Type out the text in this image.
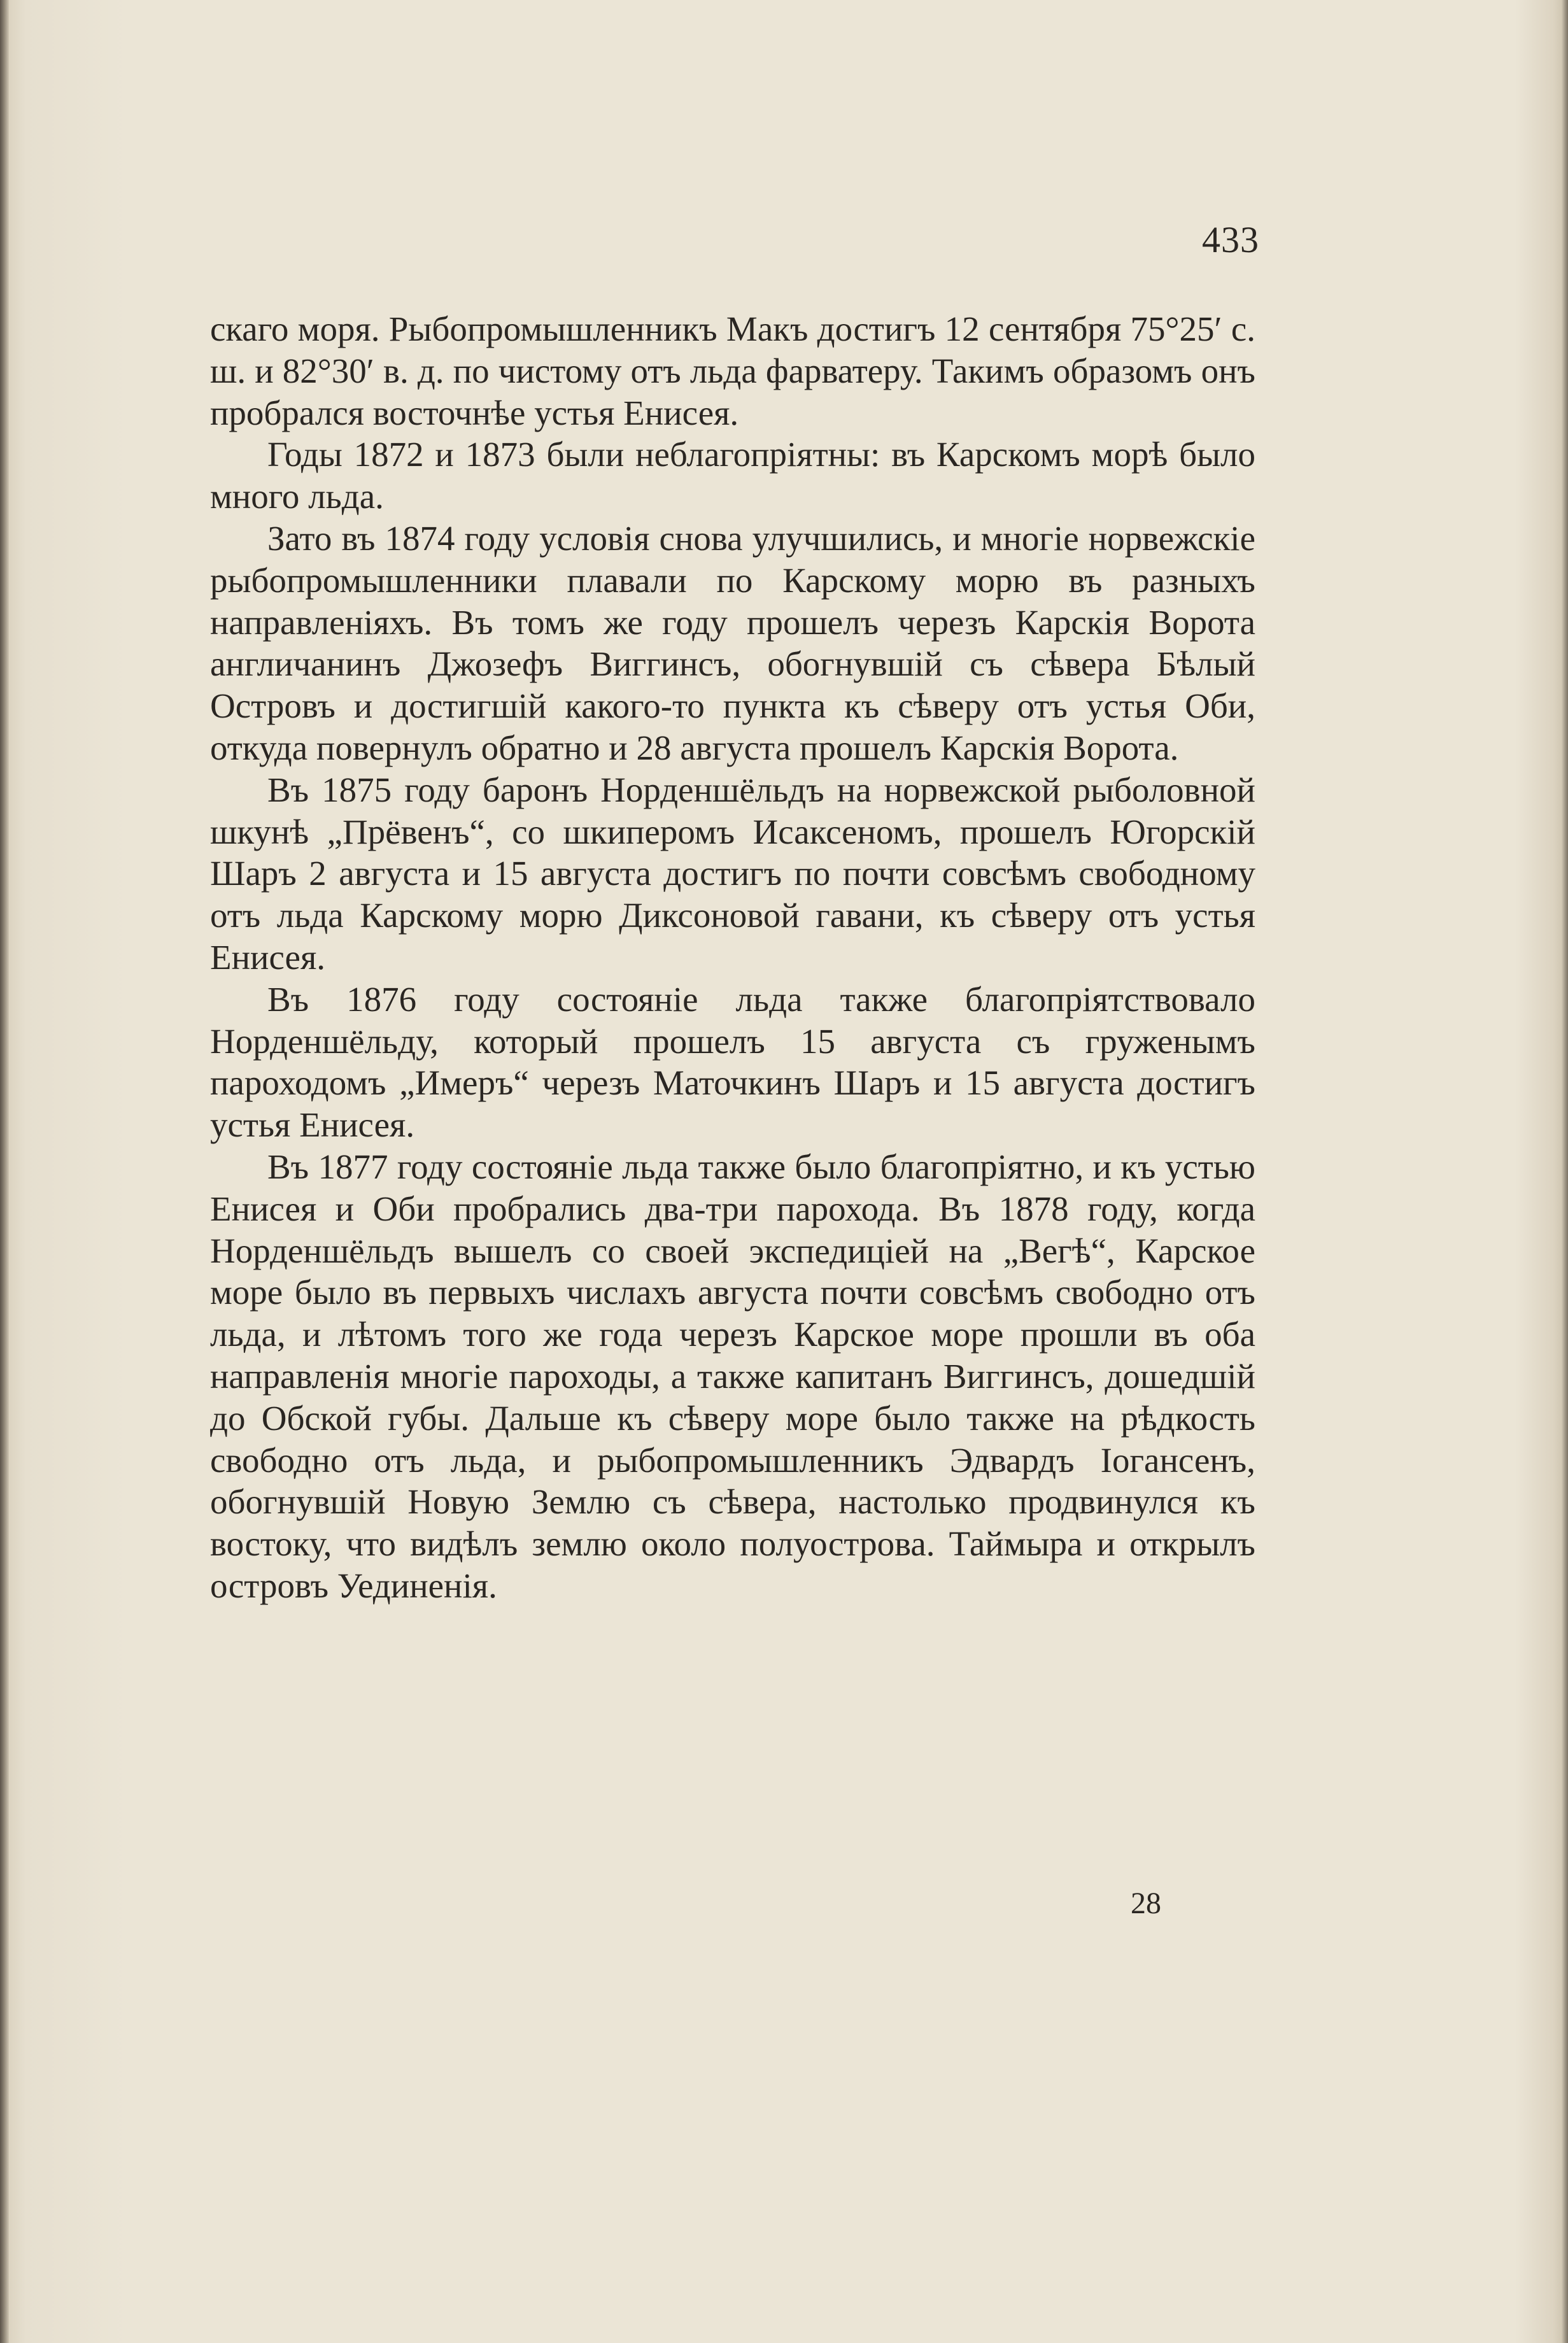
433

скаго моря. Рыбопромышленникъ Макъ достигъ 12 сентября 75°25′ с. ш. и 82°30′ в. д. по чистому отъ льда фарватеру. Такимъ образомъ онъ пробрался восточнѣе устья Енисея.

Годы 1872 и 1873 были неблагопріятны: въ Карскомъ морѣ было много льда.

Зато въ 1874 году условія снова улучшились, и многіе норвежскіе рыбопромышленники плавали по Карскому морю въ разныхъ направленіяхъ. Въ томъ же году прошелъ черезъ Карскія Ворота англичанинъ Джозефъ Виггинсъ, обогнувшій съ сѣвера Бѣлый Островъ и достигшій какого-то пункта къ сѣверу отъ устья Оби, откуда повернулъ обратно и 28 августа прошелъ Карскія Ворота.

Въ 1875 году баронъ Норденшёльдъ на норвежской рыболовной шкунѣ „Прёвенъ“, со шкиперомъ Исаксеномъ, прошелъ Югорскій Шаръ 2 августа и 15 августа достигъ по почти совсѣмъ свободному отъ льда Карскому морю Диксоновой гавани, къ сѣверу отъ устья Енисея.

Въ 1876 году состояніе льда также благопріятствовало Норденшёльду, который прошелъ 15 августа съ груженымъ пароходомъ „Имеръ“ черезъ Маточкинъ Шаръ и 15 августа достигъ устья Енисея.

Въ 1877 году состояніе льда также было благопріятно, и къ устью Енисея и Оби пробрались два-три парохода. Въ 1878 году, когда Норденшёльдъ вышелъ со своей экспедиціей на „Вегѣ“, Карское море было въ первыхъ числахъ августа почти совсѣмъ свободно отъ льда, и лѣтомъ того же года черезъ Карское море прошли въ оба направленія многіе пароходы, а также капитанъ Виггинсъ, дошедшій до Обской губы. Дальше къ сѣверу море было также на рѣдкость свободно отъ льда, и рыбопромышленникъ Эдвардъ Іогансенъ, обогнувшій Новую Землю съ сѣвера, настолько продвинулся къ востоку, что видѣлъ землю около полуострова. Таймыра и открылъ островъ Уединенія.

28
